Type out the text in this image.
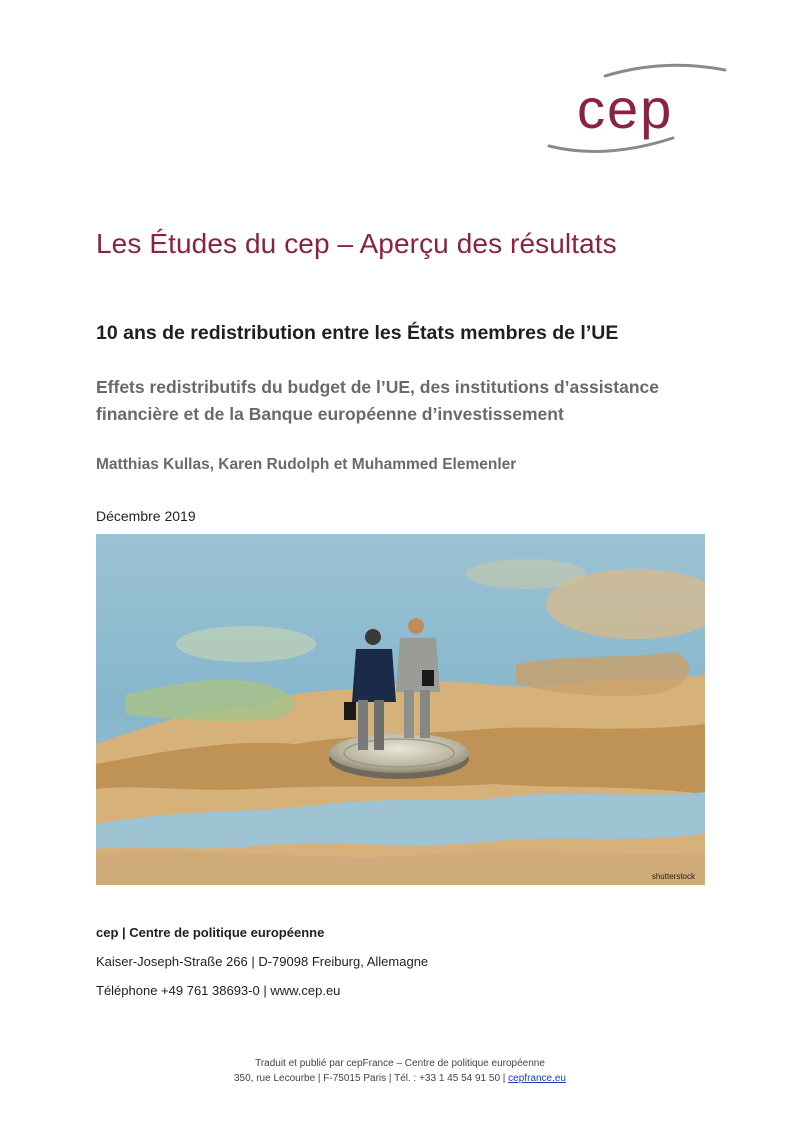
cep
Les Études du cep – Aperçu des résultats
10 ans de redistribution entre les États membres de l’UE

Effets redistributifs du budget de l’UE, des institutions d’assistance financière et de la Banque européenne d’investissement

Matthias Kullas, Karen Rudolph et Muhammed Elemenler

Décembre 2019

shutterstock
cep | Centre de politique européenne
Kaiser-Joseph-Straße 266 | D-79098 Freiburg, Allemagne
Téléphone +49 761 38693-0 | www.cep.eu
Traduit et publié par cepFrance – Centre de politique européenne
350, rue Lecourbe | F-75015 Paris | Tél. : +33 1 45 54 91 50 | cepfrance.eu
